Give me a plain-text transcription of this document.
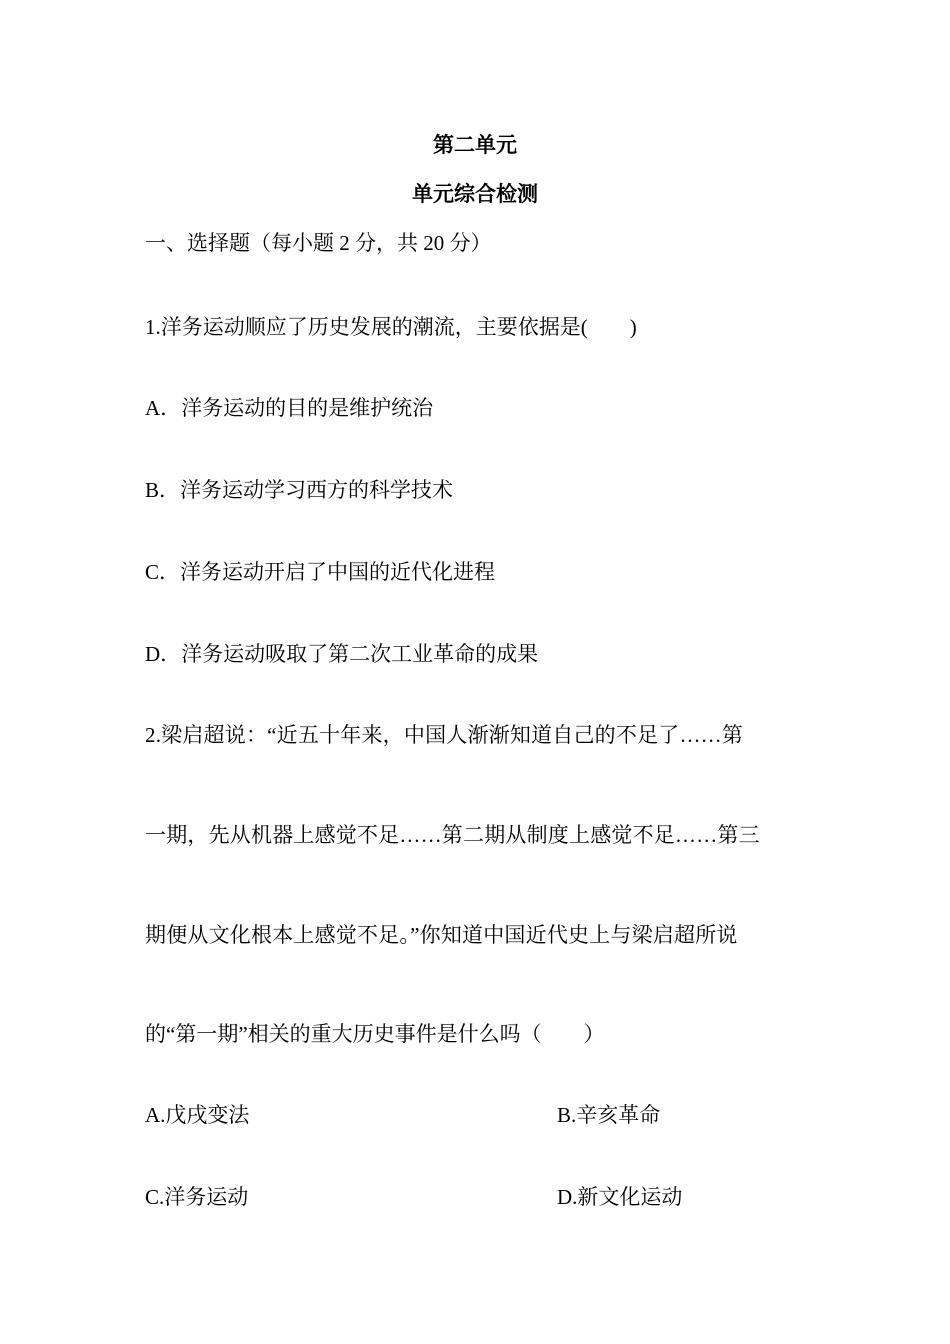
第二单元
单元综合检测
一、选择题（每小题 2 分，共 20 分）
1.洋务运动顺应了历史发展的潮流，主要依据是(　　)
A．洋务运动的目的是维护统治
B．洋务运动学习西方的科学技术
C．洋务运动开启了中国的近代化进程
D．洋务运动吸取了第二次工业革命的成果
2.梁启超说：“近五十年来，中国人渐渐知道自己的不足了……第
一期，先从机器上感觉不足……第二期从制度上感觉不足……第三
期便从文化根本上感觉不足。”你知道中国近代史上与梁启超所说
的“第一期”相关的重大历史事件是什么吗（　　）
A.戊戌变法	B.辛亥革命
C.洋务运动	D.新文化运动
